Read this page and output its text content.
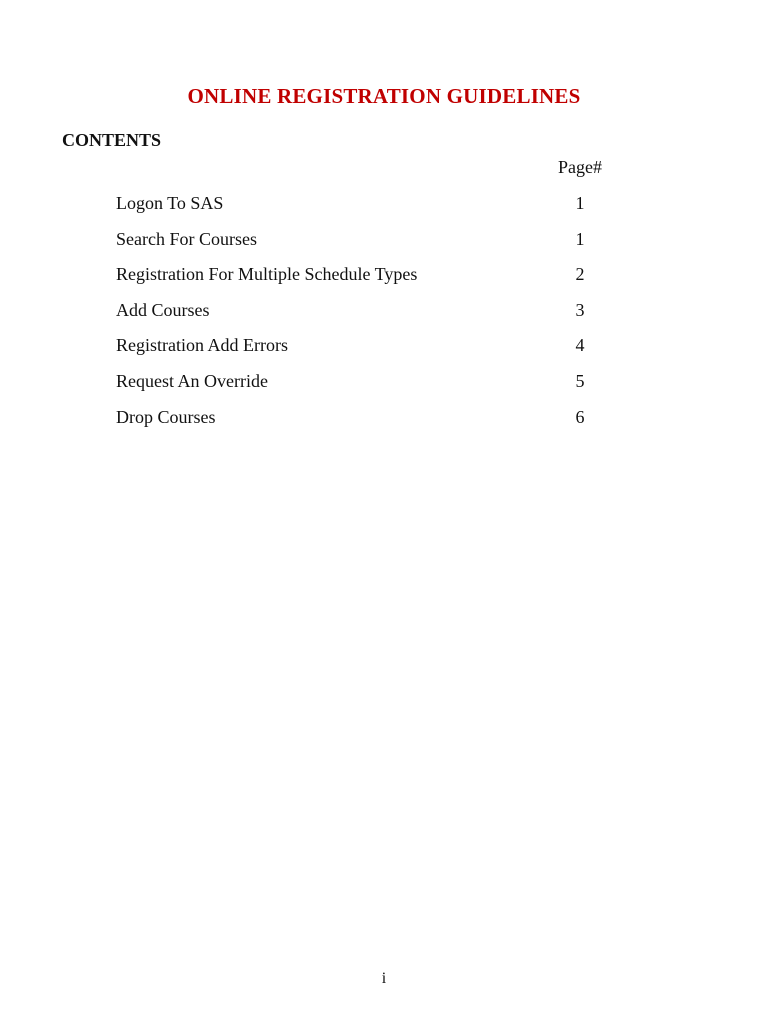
ONLINE REGISTRATION GUIDELINES
CONTENTS
Page#
Logon To SAS	1
Search For Courses	1
Registration For Multiple Schedule Types	2
Add Courses	3
Registration Add Errors	4
Request An Override	5
Drop Courses	6
i
